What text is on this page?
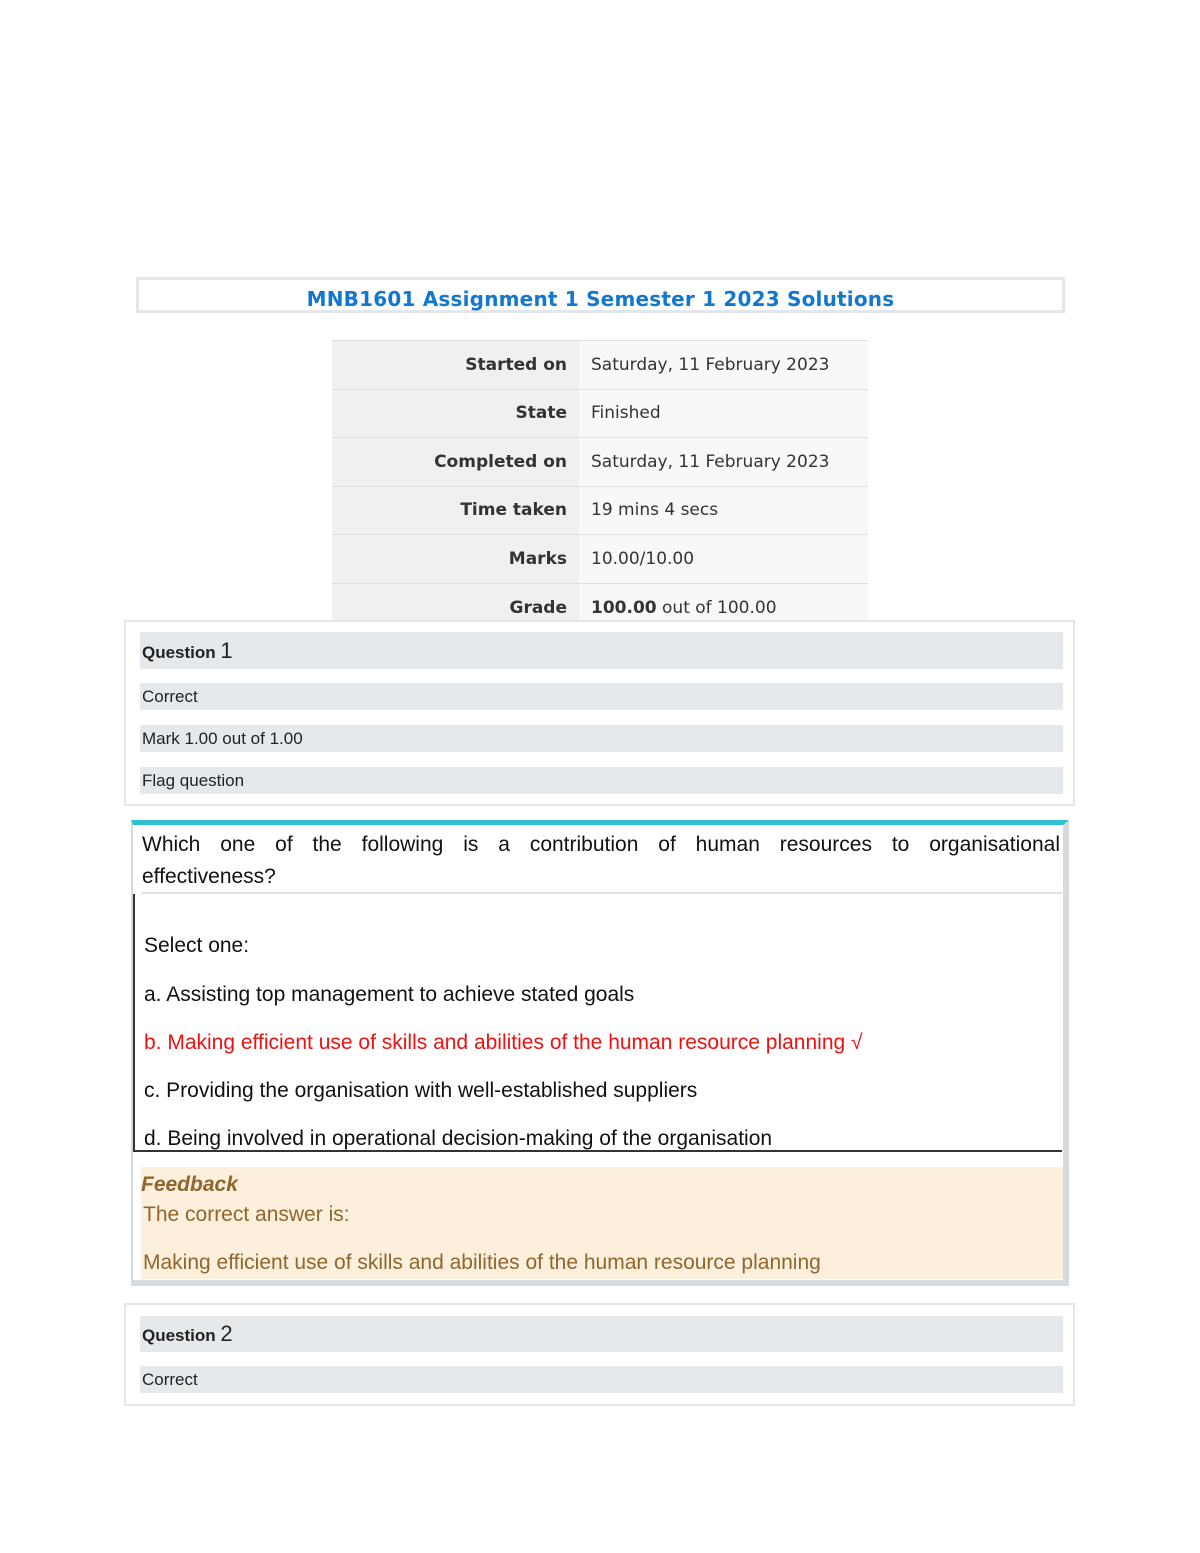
MNB1601 Assignment 1 Semester 1 2023 Solutions
Started on	Saturday, 11 February 2023
State	Finished
Completed on	Saturday, 11 February 2023
Time taken	19 mins 4 secs
Marks	10.00/10.00
Grade	100.00 out of 100.00
Question 1
Correct
Mark 1.00 out of 1.00
Flag question
Which one of the following is a contribution of human resources to organisational
effectiveness?
Select one:
a. Assisting top management to achieve stated goals
b. Making efficient use of skills and abilities of the human resource planning √
c. Providing the organisation with well-established suppliers
d. Being involved in operational decision-making of the organisation
Feedback
The correct answer is:
Making efficient use of skills and abilities of the human resource planning
Question 2
Correct
